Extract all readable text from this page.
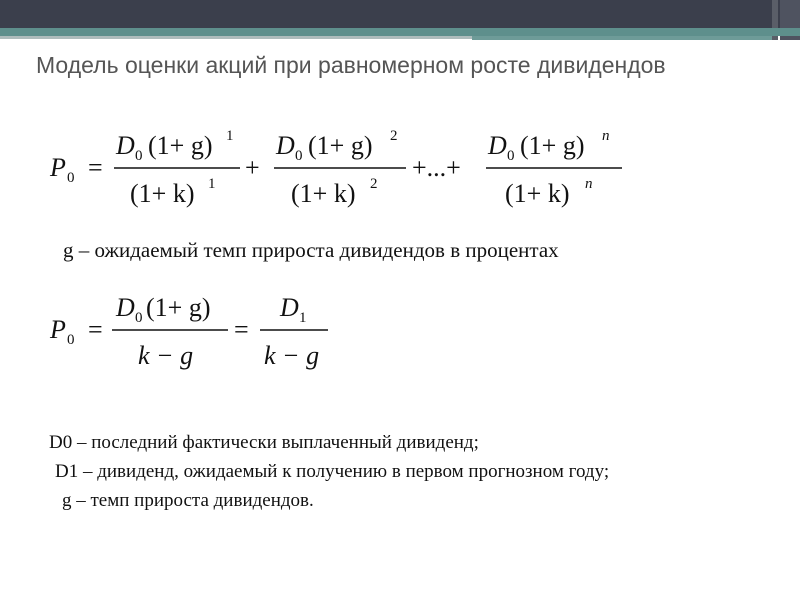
Модель оценки акций при равномерном росте дивидендов
P 0 =
D 0 (1+ g) 1
(1+ k) 1
+
D 0 (1+ g) 2
(1+ k) 2
+...+
D 0 (1+ g) n
(1+ k) n
g – ожидаемый темп прироста дивидендов в процентах
P 0 =
D 0 (1+ g)
k − g
=
D 1
k − g
D0 – последний фактически выплаченный дивиденд;
D1 – дивиденд, ожидаемый к получению в первом прогнозном году;
g – темп прироста дивидендов.
